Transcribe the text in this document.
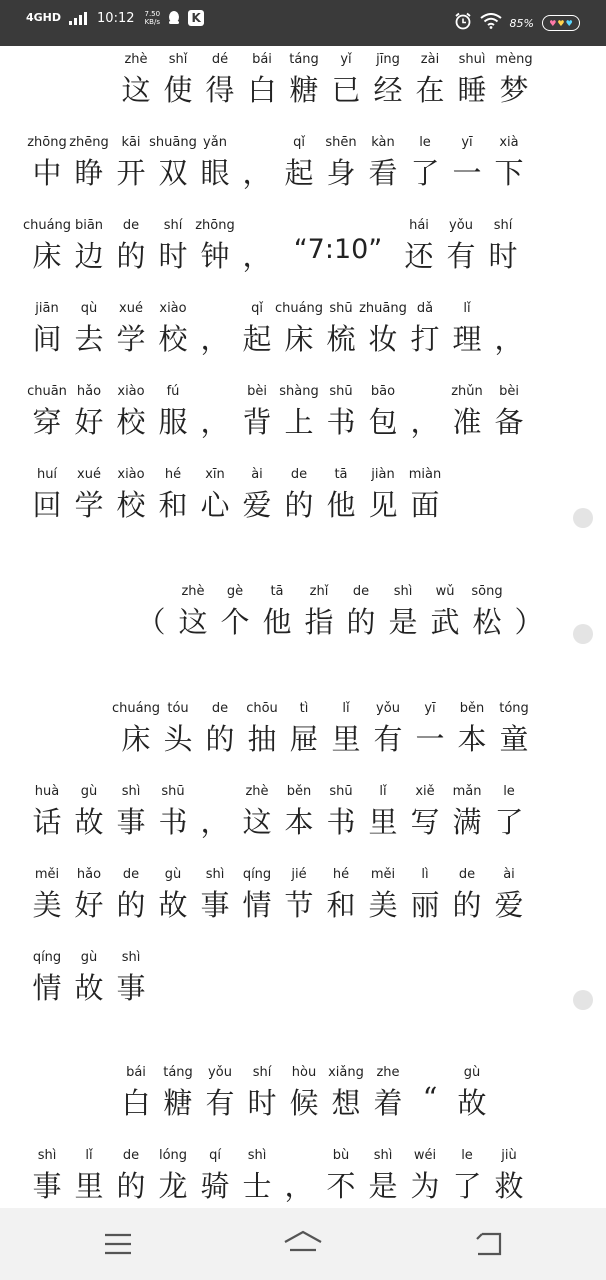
4GHD	10:12 7.50
KB/s	K	85% ♥ ♥ ♥
zhè
这
shǐ
使
dé
得
bái
白
táng
糖
yǐ
已
jīng
经
zài
在
shuì
睡
mèng
梦
zhōng
中
zhēng
睁
kāi
开
shuāng
双
yǎn
眼 ，
qǐ
起
shēn
身
kàn
看
le
了
yī
一
xià
下
chuáng
床
biān
边
de
的
shí
时
zhōng
钟 ， “7:10”
hái
还
yǒu
有
shí
时
jiān
间
qù
去
xué
学
xiào
校 ，
qǐ
起
chuáng
床
shū
梳
zhuāng
妆
dǎ
打
lǐ
理 ，
chuān
穿
hǎo
好
xiào
校
fú
服 ，
bèi
背
shàng
上
shū
书
bāo
包 ，
zhǔn
准
bèi
备
huí
回
xué
学
xiào
校
hé
和
xīn
心
ài
爱
de
的
tā
他
jiàn
见
miàn
面
（
zhè
这
gè
个
tā
他
zhǐ
指
de
的
shì
是
wǔ
武
sōng
松 ）
chuáng
床
tóu
头
de
的
chōu
抽
tì
屉
lǐ
里
yǒu
有
yī
一
běn
本
tóng
童
huà
话
gù
故
shì
事
shū
书 ，
zhè
这
běn
本
shū
书
lǐ
里
xiě
写
mǎn
满
le
了
měi
美
hǎo
好
de
的
gù
故
shì
事
qíng
情
jié
节
hé
和
měi
美
lì
丽
de
的
ài
爱
qíng
情
gù
故
shì
事
bái
白
táng
糖
yǒu
有
shí
时
hòu
候
xiǎng
想
zhe
着 “
gù
故
shì
事
lǐ
里
de
的
lóng
龙
qí
骑
shì
士 ，
bù
不
shì
是
wéi
为
le
了
jiù
救
